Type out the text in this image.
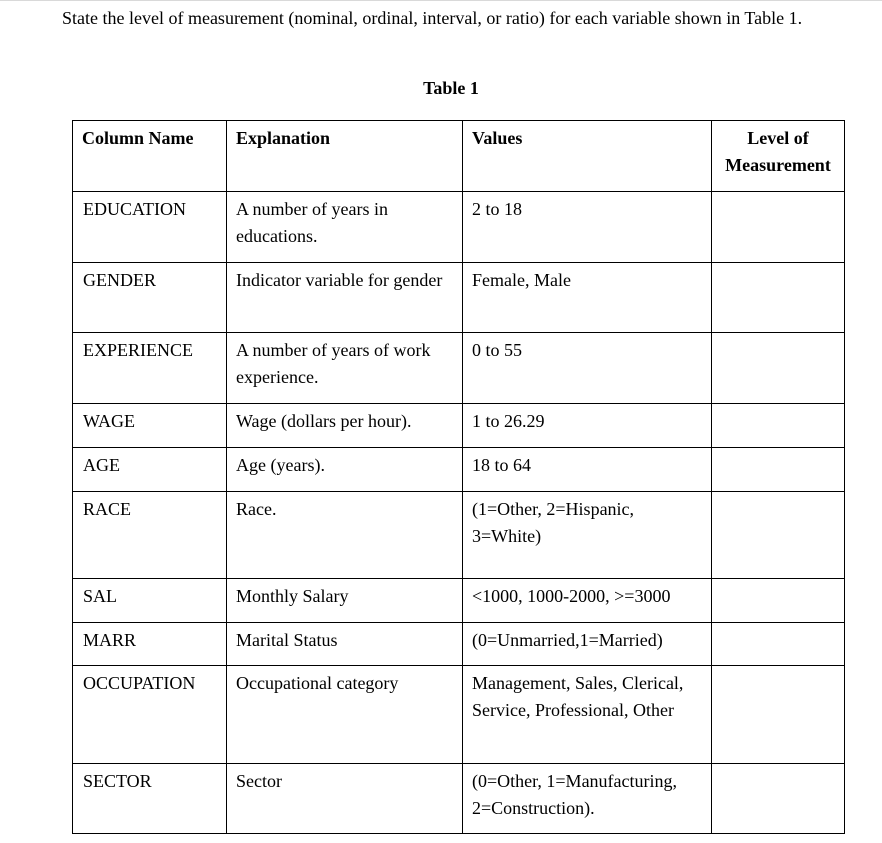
State the level of measurement (nominal, ordinal, interval, or ratio) for each variable shown in Table 1.
Table 1
Column Name	Explanation	Values	Level of Measurement
EDUCATION	A number of years in educations.	2 to 18	
GENDER	Indicator variable for gender	Female, Male	
EXPERIENCE	A number of years of work experience.	0 to 55	
WAGE	Wage (dollars per hour).	1 to 26.29	
AGE	Age (years).	18 to 64	
RACE	Race.	(1=Other, 2=Hispanic, 3=White)	
SAL	Monthly Salary	<1000, 1000-2000, >=3000	
MARR	Marital Status	(0=Unmarried,1=Married)	
OCCUPATION	Occupational category	Management, Sales, Clerical, Service, Professional, Other	
SECTOR	Sector	(0=Other, 1=Manufacturing, 2=Construction).	
